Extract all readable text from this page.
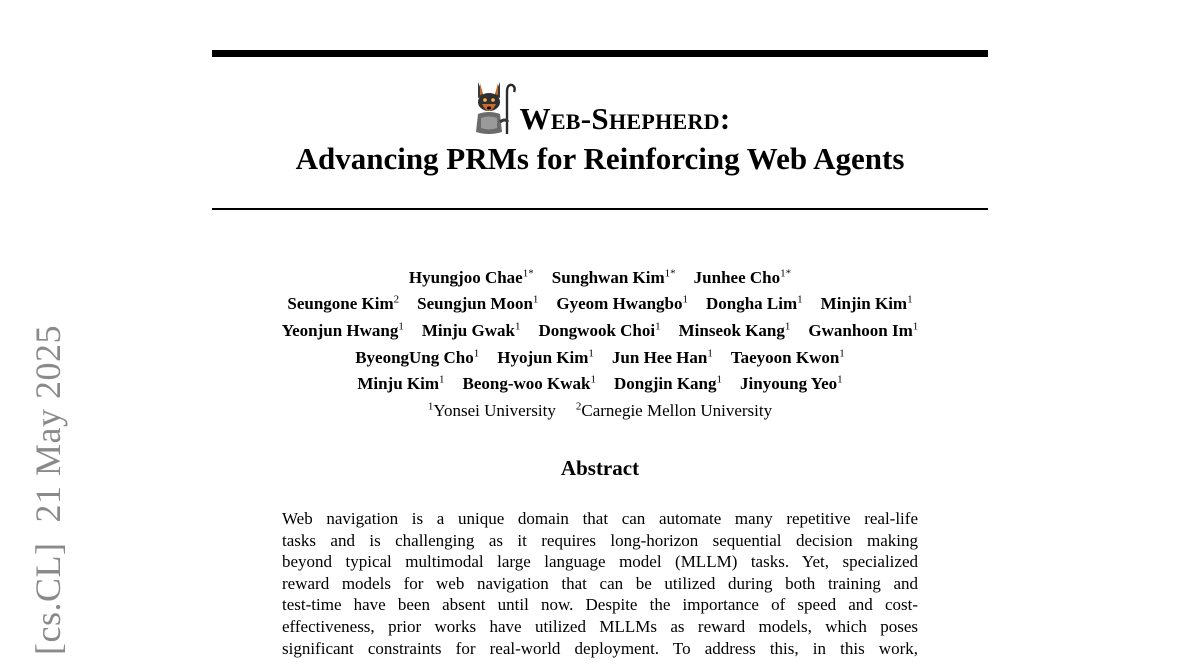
[cs.CL]21 May 2025
Web-Shepherd:
Advancing PRMs for Reinforcing Web Agents
Hyungjoo Chae$^{1*}$ Sunghwan Kim$^{1*}$ Junhee Cho$^{1*}$
Seungone Kim$^2$ Seungjun Moon$^1$ Gyeom Hwangbo$^1$ Dongha Lim$^1$ Minjin Kim$^1$
Yeonjun Hwang$^1$ Minju Gwak$^1$ Dongwook Choi$^1$ Minseok Kang$^1$ Gwanhoon Im$^1$
ByeongUng Cho$^1$ Hyojun Kim$^1$ Jun Hee Han$^1$ Taeyoon Kwon$^1$
Minju Kim$^1$ Beong-woo Kwak$^1$ Dongjin Kang$^1$ Jinyoung Yeo$^1$
$^1$Yonsei University $^2$Carnegie Mellon University
Abstract
Web navigation is a unique domain that can automate many repetitive real-life
tasks and is challenging as it requires long-horizon sequential decision making
beyond typical multimodal large language model (MLLM) tasks. Yet, specialized
reward models for web navigation that can be utilized during both training and
test-time have been absent until now. Despite the importance of speed and cost-
effectiveness, prior works have utilized MLLMs as reward models, which poses
significant constraints for real-world deployment. To address this, in this work,
